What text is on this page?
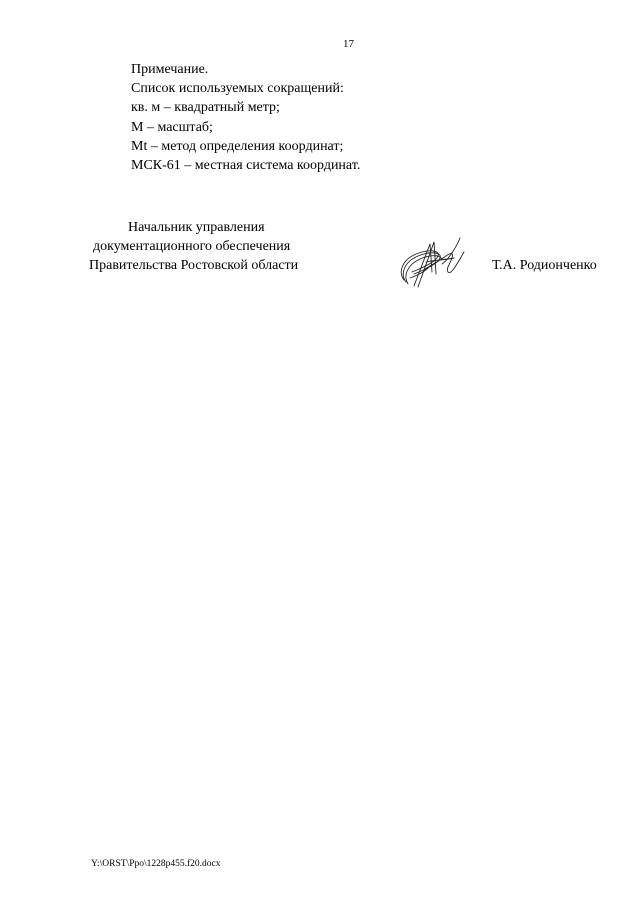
17
Примечание.
Список используемых сокращений:
кв. м – квадратный метр;
М – масштаб;
Mt – метод определения координат;
МСК-61 – местная система координат.
Начальник управления
документационного обеспечения
Правительства Ростовской области	Т.А. Родионченко
Y:\ORST\Ppo\1228p455.f20.docx
